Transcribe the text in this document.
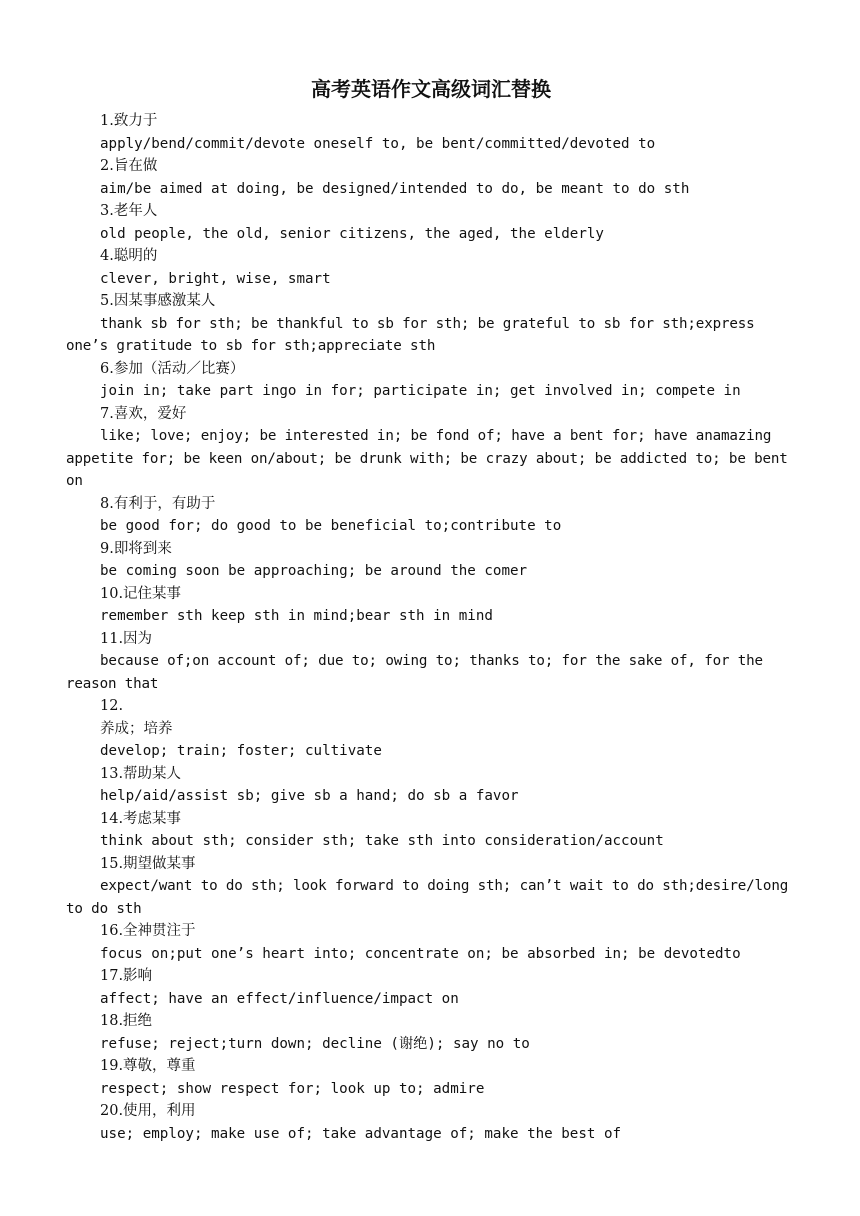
高考英语作文高级词汇替换

1.致力于

apply/bend/commit/devote oneself to, be bent/committed/devoted to

2.旨在做

aim/be aimed at doing, be designed/intended to do, be meant to do sth

3.老年人

old people, the old, senior citizens, the aged, the elderly

4.聪明的

clever, bright, wise, smart

5.因某事感激某人

thank sb for sth; be thankful to sb for sth; be grateful to sb for sth;express one’s gratitude to sb for sth;appreciate sth

6.参加（活动／比赛）

join in; take part ingo in for; participate in; get involved in; compete in

7.喜欢，爱好

like; love; enjoy; be interested in; be fond of; have a bent for; have anamazing appetite for; be keen on/about; be drunk with; be crazy about; be addicted to; be bent on

8.有利于，有助于

be good for; do good to be beneficial to;contribute to

9.即将到来

be coming soon be approaching; be around the comer

10.记住某事

remember sth keep sth in mind;bear sth in mind

11.因为

because of;on account of; due to; owing to; thanks to; for the sake of, for the reason that

12.

养成；培养

develop; train; foster; cultivate

13.帮助某人

help/aid/assist sb; give sb a hand; do sb a favor

14.考虑某事

think about sth; consider sth; take sth into consideration/account

15.期望做某事

expect/want to do sth; look forward to doing sth; can’t wait to do sth;desire/long to do sth

16.全神贯注于

focus on;put one’s heart into; concentrate on; be absorbed in; be devotedto

17.影响

affect; have an effect/influence/impact on

18.拒绝

refuse; reject;turn down; decline (谢绝); say no to

19.尊敬，尊重

respect; show respect for; look up to; admire

20.使用，利用

use; employ; make use of; take advantage of; make the best of
